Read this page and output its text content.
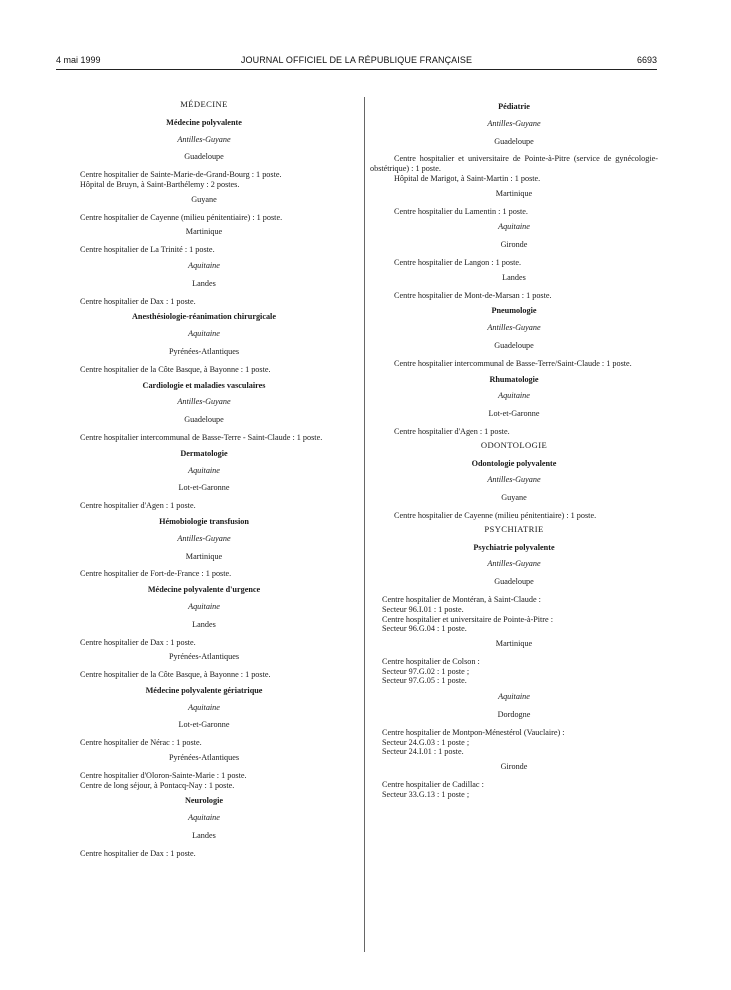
4 mai 1999	JOURNAL OFFICIEL DE LA RÉPUBLIQUE FRANÇAISE	6693
MÉDECINE
Médecine polyvalente
Antilles-Guyane
Guadeloupe
Centre hospitalier de Sainte-Marie-de-Grand-Bourg : 1 poste.
Hôpital de Bruyn, à Saint-Barthélemy : 2 postes.
Guyane
Centre hospitalier de Cayenne (milieu pénitentiaire) : 1 poste.
Martinique
Centre hospitalier de La Trinité : 1 poste.
Aquitaine
Landes
Centre hospitalier de Dax : 1 poste.
Anesthésiologie-réanimation chirurgicale
Aquitaine
Pyrénées-Atlantiques
Centre hospitalier de la Côte Basque, à Bayonne : 1 poste.
Cardiologie et maladies vasculaires
Antilles-Guyane
Guadeloupe
Centre hospitalier intercommunal de Basse-Terre - Saint-Claude : 1 poste.
Dermatologie
Aquitaine
Lot-et-Garonne
Centre hospitalier d'Agen : 1 poste.
Hémobiologie transfusion
Antilles-Guyane
Martinique
Centre hospitalier de Fort-de-France : 1 poste.
Médecine polyvalente d'urgence
Aquitaine
Landes
Centre hospitalier de Dax : 1 poste.
Pyrénées-Atlantiques
Centre hospitalier de la Côte Basque, à Bayonne : 1 poste.
Médecine polyvalente gériatrique
Aquitaine
Lot-et-Garonne
Centre hospitalier de Nérac : 1 poste.
Pyrénées-Atlantiques
Centre hospitalier d'Oloron-Sainte-Marie : 1 poste.
Centre de long séjour, à Pontacq-Nay : 1 poste.
Neurologie
Aquitaine
Landes
Centre hospitalier de Dax : 1 poste.
Pédiatrie
Antilles-Guyane
Guadeloupe
Centre hospitalier et universitaire de Pointe-à-Pitre (service de gynécologie-obstétrique) : 1 poste.
Hôpital de Marigot, à Saint-Martin : 1 poste.
Martinique
Centre hospitalier du Lamentin : 1 poste.
Aquitaine
Gironde
Centre hospitalier de Langon : 1 poste.
Landes
Centre hospitalier de Mont-de-Marsan : 1 poste.
Pneumologie
Antilles-Guyane
Guadeloupe
Centre hospitalier intercommunal de Basse-Terre/Saint-Claude : 1 poste.
Rhumatologie
Aquitaine
Lot-et-Garonne
Centre hospitalier d'Agen : 1 poste.
ODONTOLOGIE
Odontologie polyvalente
Antilles-Guyane
Guyane
Centre hospitalier de Cayenne (milieu pénitentiaire) : 1 poste.
PSYCHIATRIE
Psychiatrie polyvalente
Antilles-Guyane
Guadeloupe
Centre hospitalier de Montéran, à Saint-Claude :
Secteur 96.I.01 : 1 poste.
Centre hospitalier et universitaire de Pointe-à-Pitre :
Secteur 96.G.04 : 1 poste.
Martinique
Centre hospitalier de Colson :
Secteur 97.G.02 : 1 poste ;
Secteur 97.G.05 : 1 poste.
Aquitaine
Dordogne
Centre hospitalier de Montpon-Ménestérol (Vauclaire) :
Secteur 24.G.03 : 1 poste ;
Secteur 24.I.01 : 1 poste.
Gironde
Centre hospitalier de Cadillac :
Secteur 33.G.13 : 1 poste ;
